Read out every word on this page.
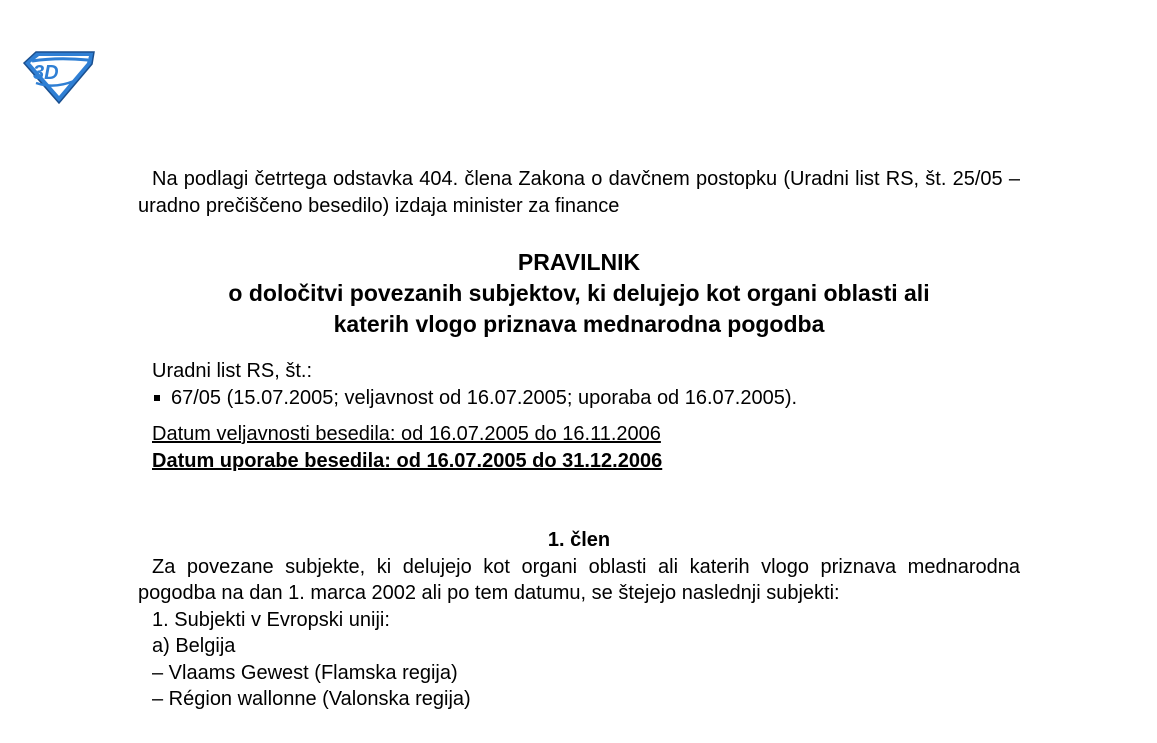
3D

Na podlagi četrtega odstavka 404. člena Zakona o davčnem postopku (Uradni list RS, št. 25/05 – uradno prečiščeno besedilo) izdaja minister za finance

PRAVILNIK
o določitvi povezanih subjektov, ki delujejo kot organi oblasti ali
katerih vlogo priznava mednarodna pogodba
Uradni list RS, št.:
67/05 (15.07.2005; veljavnost od 16.07.2005; uporaba od 16.07.2005).
Datum veljavnosti besedila: od 16.07.2005 do 16.11.2006
Datum uporabe besedila: od 16.07.2005 do 31.12.2006
1. člen

Za povezane subjekte, ki delujejo kot organi oblasti ali katerih vlogo priznava mednarodna pogodba na dan 1. marca 2002 ali po tem datumu, se štejejo naslednji subjekti:

1. Subjekti v Evropski uniji:
a) Belgija
– Vlaams Gewest (Flamska regija)
– Région wallonne (Valonska regija)
